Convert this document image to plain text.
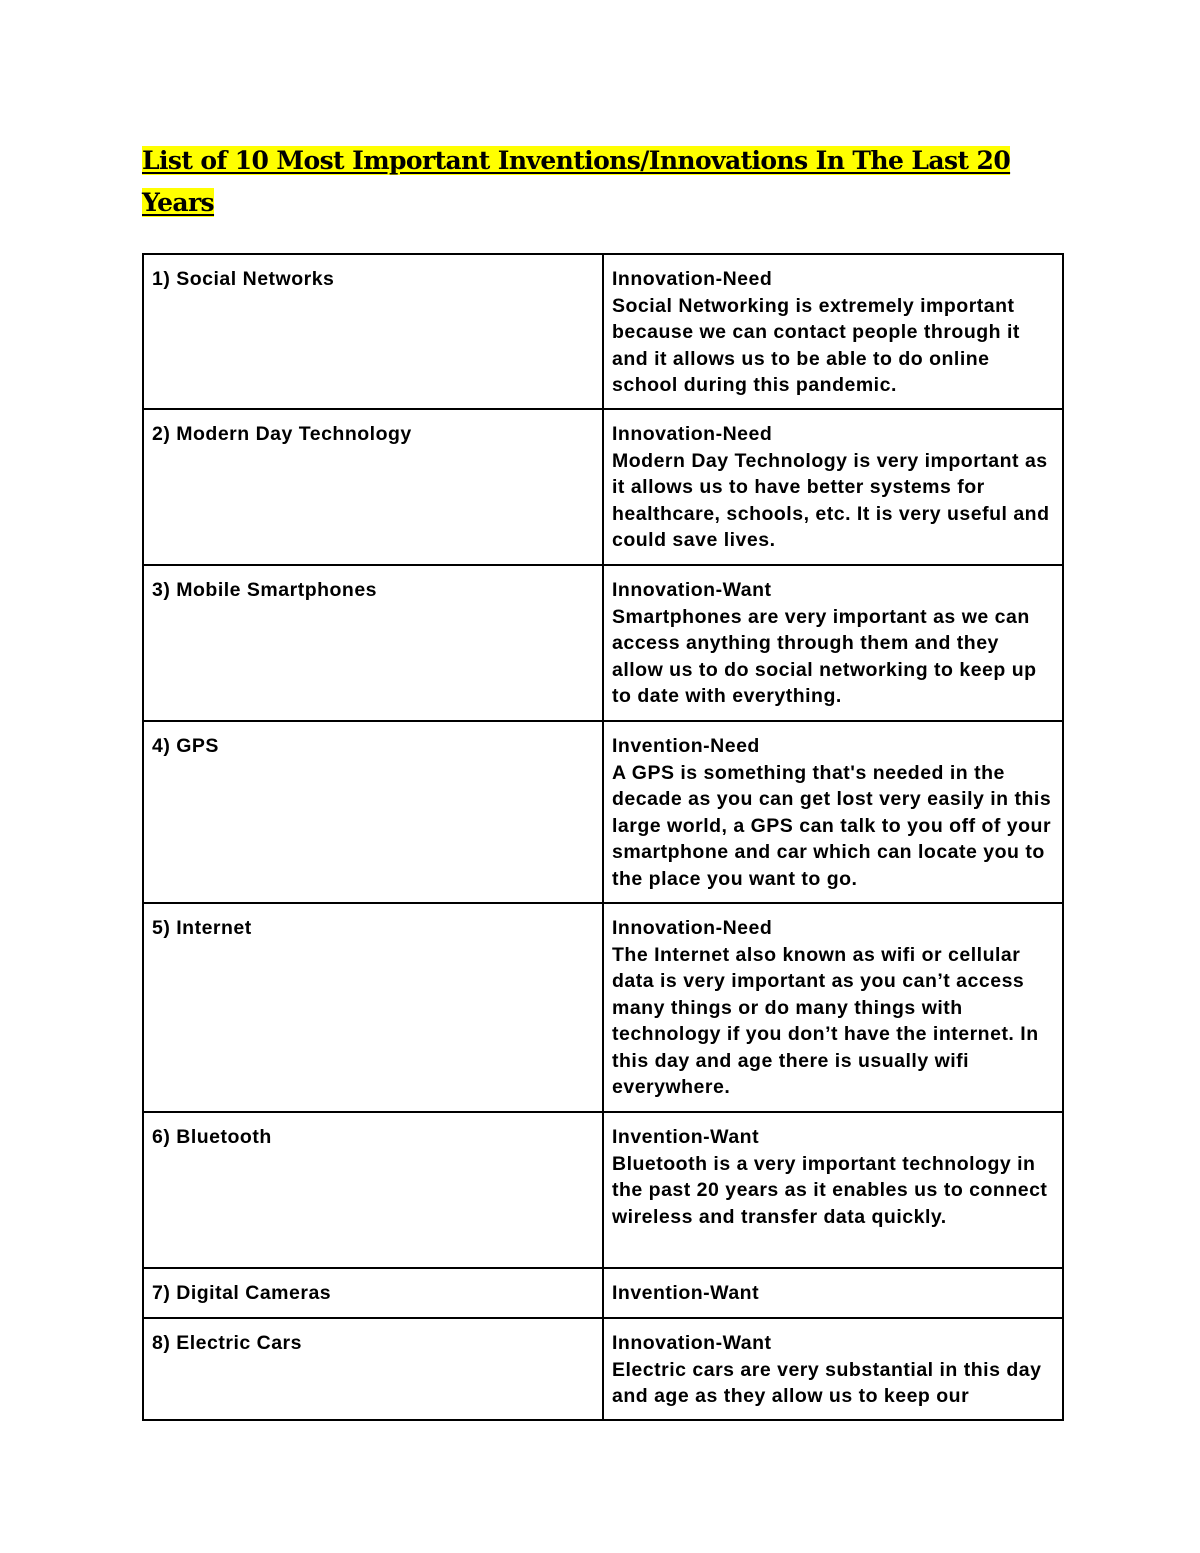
List of 10 Most Important Inventions/Innovations In The Last 20 Years
1) Social Networks	Innovation-Need
Social Networking is extremely important because we can contact people through it and it allows us to be able to do online school during this pandemic.

2) Modern Day Technology	Innovation-Need
Modern Day Technology is very important as it allows us to have better systems for healthcare, schools, etc. It is very useful and could save lives.

3) Mobile Smartphones	Innovation-Want
Smartphones are very important as we can access anything through them and they allow us to do social networking to keep up to date with everything.

4) GPS	Invention-Need
A GPS is something that's needed in the decade as you can get lost very easily in this large world, a GPS can talk to you off of your smartphone and car which can locate you to the place you want to go.

5) Internet	Innovation-Need
The Internet also known as wifi or cellular data is very important as you can’t access many things or do many things with technology if you don’t have the internet. In this day and age there is usually wifi everywhere.

6) Bluetooth	Invention-Want
Bluetooth is a very important technology in the past 20 years as it enables us to connect wireless and transfer data quickly.

7) Digital Cameras	Invention-Want

8) Electric Cars	Innovation-Want
Electric cars are very substantial in this day and age as they allow us to keep our
